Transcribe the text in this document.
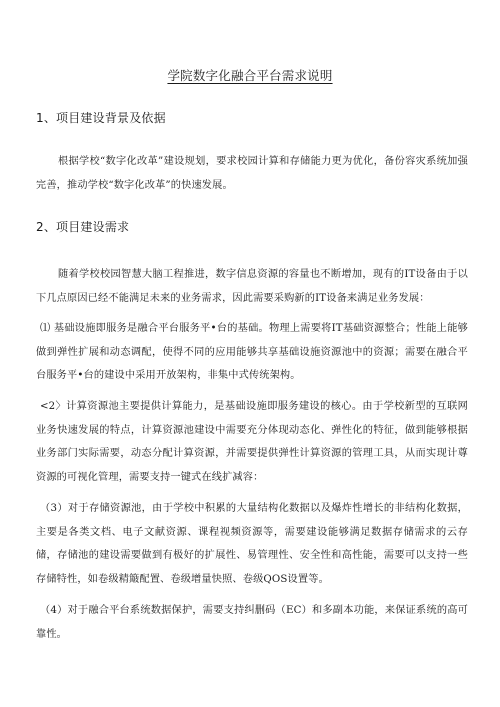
学院数字化融合平台需求说明
1、项目建设背景及依据
根据学校“数字化改革”建设规划，要求校园计算和存储能力更为优化，备份容灾系统加强完善，推动学校“数字化改革”的快速发展。
2、项目建设需求
随着学校校园智慧大脑工程推进，数字信息资源的容量也不断增加，现有的IT设备由于以下几点原因已经不能满足未来的业务需求，因此需要采购新的IT设备来满足业务发展：
⑴ 基础设施即服务是融合平台服务平•台的基础。物理上需要将IT基础资源整合；性能上能够做到弹性扩展和动态调配，使得不同的应用能够共享基础设施资源池中的资源；需要在融合平台服务平•台的建设中采用开放架构，非集中式传统架构。
<2〉计算资源池主要提供计算能力，是基础设施即服务建设的核心。由于学校新型的互联网业务快速发展的特点，计算资源池建设中需要充分体现动态化、弹性化的特征，做到能够根据业务部门实际需要，动态分配计算资源，并需要提供弹性计算资源的管理工具，从而实现计尊资源的可视化管理，需要支持一键式在线扩减容：
（3）对于存储资源池，由于学校中积累的大量结构化数据以及爆炸性增长的非结构化数据，主要是各类文档、电子文献资源、课程视频资源等，需要建设能够满足数据存储需求的云存储，存储池的建设需要做到有极好的扩展性、易管理性、安全性和高性能，需要可以支持一些存储特性，如卷级精簸配置、卷级增量快照、卷级QOS设置等。
（4）对于融合平台系统数据保护，需要支持纠删码（EC）和多副本功能，来保证系统的高可靠性。
